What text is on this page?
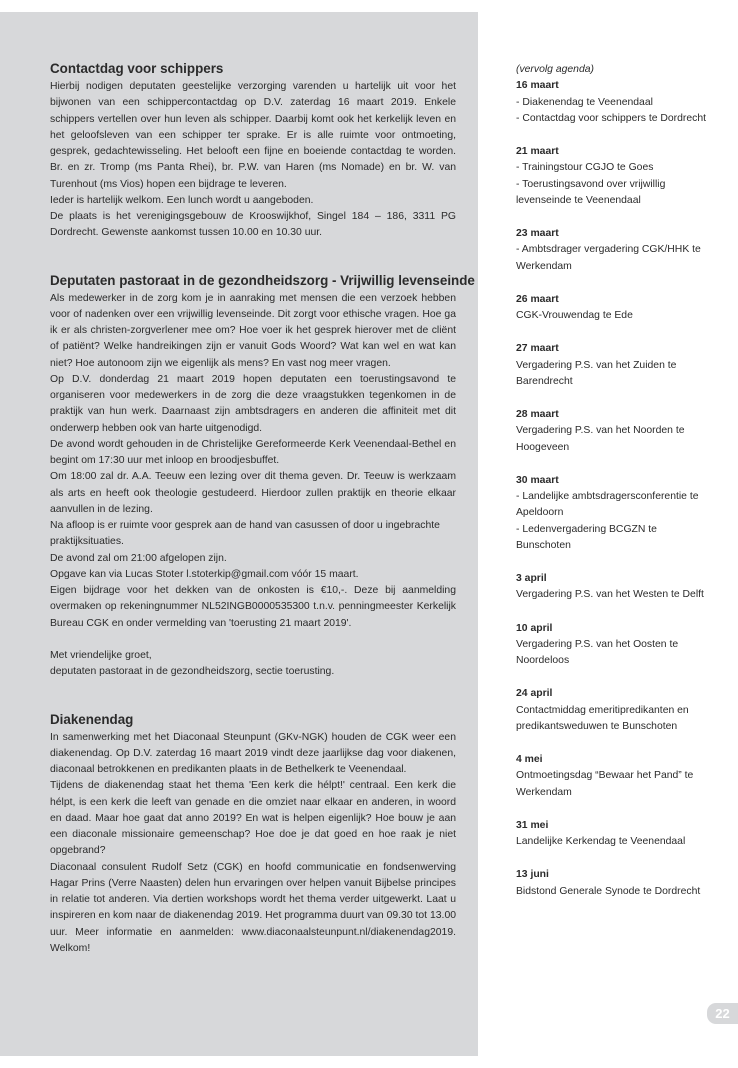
Contactdag voor schippers

Hierbij nodigen deputaten geestelijke verzorging varenden u hartelijk uit voor het bijwonen van een schippercontactdag op D.V. zaterdag 16 maart 2019. Enkele schippers vertellen over hun leven als schipper. Daarbij komt ook het kerkelijk leven en het geloofsleven van een schipper ter sprake. Er is alle ruimte voor ontmoeting, gesprek, gedachtewisseling. Het belooft een fijne en boeiende contactdag te worden. Br. en zr. Tromp (ms Panta Rhei), br. P.W. van Haren (ms Nomade) en br. W. van Turenhout (ms Vios) hopen een bijdrage te leveren.

Ieder is hartelijk welkom. Een lunch wordt u aangeboden.

De plaats is het verenigingsgebouw de Krooswijkhof, Singel 184 – 186, 3311 PG Dordrecht. Gewenste aankomst tussen 10.00 en 10.30 uur.

Deputaten pastoraat in de gezondheidszorg - Vrijwillig levenseinde

Als medewerker in de zorg kom je in aanraking met mensen die een verzoek hebben voor of nadenken over een vrijwillig levenseinde. Dit zorgt voor ethische vragen. Hoe ga ik er als christen-zorgverlener mee om? Hoe voer ik het gesprek hierover met de cliënt of patiënt? Welke handreikingen zijn er vanuit Gods Woord? Wat kan wel en wat kan niet? Hoe autonoom zijn we eigenlijk als mens? En vast nog meer vragen.

Op D.V. donderdag 21 maart 2019 hopen deputaten een toerustingsavond te organiseren voor medewerkers in de zorg die deze vraagstukken tegenkomen in de praktijk van hun werk. Daarnaast zijn ambtsdragers en anderen die affiniteit met dit onderwerp hebben ook van harte uitgenodigd.

De avond wordt gehouden in de Christelijke Gereformeerde Kerk Veenendaal-Bethel en begint om 17:30 uur met inloop en broodjesbuffet.

Om 18:00 zal dr. A.A. Teeuw een lezing over dit thema geven. Dr. Teeuw is werkzaam als arts en heeft ook theologie gestudeerd. Hierdoor zullen praktijk en theorie elkaar aanvullen in de lezing.

Na afloop is er ruimte voor gesprek aan de hand van casussen of door u ingebrachte praktijksituaties.

De avond zal om 21:00 afgelopen zijn.

Opgave kan via Lucas Stoter l.stoterkip@gmail.com vóór 15 maart.

Eigen bijdrage voor het dekken van de onkosten is €10,-. Deze bij aanmelding overmaken op rekeningnummer NL52INGB0000535300 t.n.v. penningmeester Kerkelijk Bureau CGK en onder vermelding van 'toerusting 21 maart 2019'.

Met vriendelijke groet,

deputaten pastoraat in de gezondheidszorg, sectie toerusting.

Diakenendag

In samenwerking met het Diaconaal Steunpunt (GKv-NGK) houden de CGK weer een diakenendag. Op D.V. zaterdag 16 maart 2019 vindt deze jaarlijkse dag voor diakenen, diaconaal betrokkenen en predikanten plaats in de Bethelkerk te Veenendaal.

Tijdens de diakenendag staat het thema 'Een kerk die hélpt!' centraal. Een kerk die hélpt, is een kerk die leeft van genade en die omziet naar elkaar en anderen, in woord en daad. Maar hoe gaat dat anno 2019? En wat is helpen eigenlijk? Hoe bouw je aan een diaconale missionaire gemeenschap? Hoe doe je dat goed en hoe raak je niet opgebrand?

Diaconaal consulent Rudolf Setz (CGK) en hoofd communicatie en fondsenwerving Hagar Prins (Verre Naasten) delen hun ervaringen over helpen vanuit Bijbelse principes in relatie tot anderen. Via dertien workshops wordt het thema verder uitgewerkt. Laat u inspireren en kom naar de diakenendag 2019. Het programma duurt van 09.30 tot 13.00 uur. Meer informatie en aanmelden: www.diaconaalsteunpunt.nl/diakenendag2019. Welkom!

(vervolg agenda)

16 maart

- Diakenendag te Veenendaal

- Contactdag voor schippers te Dordrecht

21 maart

- Trainingstour CGJO te Goes

- Toerustingsavond over vrijwillig levenseinde te Veenendaal

23 maart

- Ambtsdrager vergadering CGK/HHK te Werkendam

26 maart

CGK-Vrouwendag te Ede

27 maart

Vergadering P.S. van het Zuiden te Barendrecht

28 maart

Vergadering P.S. van het Noorden te Hoogeveen

30 maart

- Landelijke ambtsdragersconferentie te Apeldoorn

- Ledenvergadering BCGZN te Bunschoten

3 april

Vergadering P.S. van het Westen te Delft

10 april

Vergadering P.S. van het Oosten te Noordeloos

24 april

Contactmiddag emeritipredikanten en predikantsweduwen te Bunschoten

4 mei

Ontmoetingsdag “Bewaar het Pand” te Werkendam

31 mei

Landelijke Kerkendag te Veenendaal

13 juni

Bidstond Generale Synode te Dordrecht

22
